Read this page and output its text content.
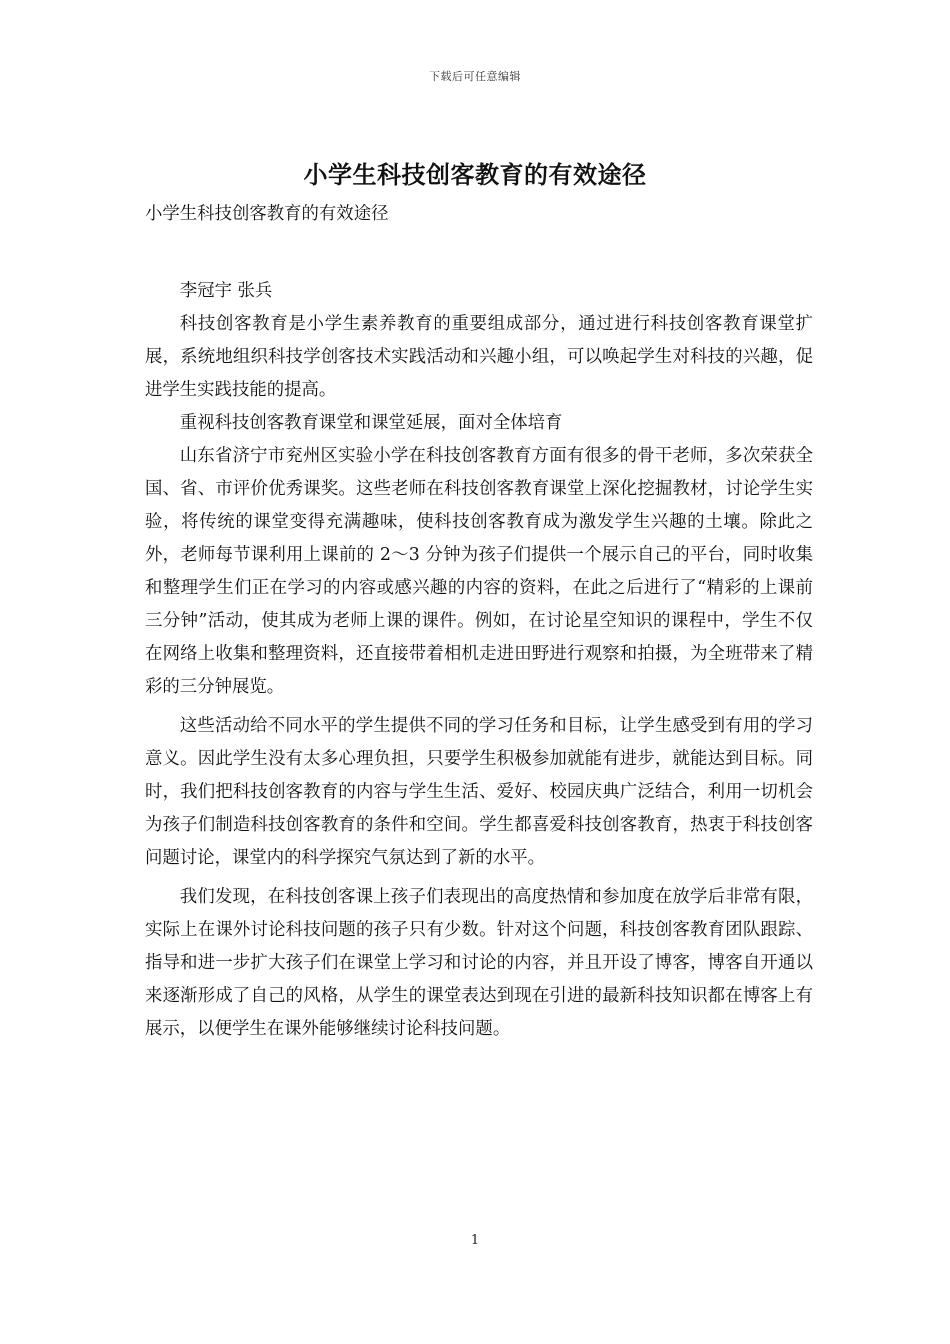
下载后可任意编辑
小学生科技创客教育的有效途径

小学生科技创客教育的有效途径

李冠宇 张兵

科技创客教育是小学生素养教育的重要组成部分，通过进行科技创客教育课堂扩展，系统地组织科技学创客技术实践活动和兴趣小组，可以唤起学生对科技的兴趣，促进学生实践技能的提高。

重视科技创客教育课堂和课堂延展，面对全体培育

山东省济宁市兖州区实验小学在科技创客教育方面有很多的骨干老师，多次荣获全国、省、市评价优秀课奖。这些老师在科技创客教育课堂上深化挖掘教材，讨论学生实验，将传统的课堂变得充满趣味，使科技创客教育成为激发学生兴趣的土壤。除此之外，老师每节课利用上课前的 2～3 分钟为孩子们提供一个展示自己的平台，同时收集和整理学生们正在学习的内容或感兴趣的内容的资料，在此之后进行了“精彩的上课前三分钟”活动，使其成为老师上课的课件。例如，在讨论星空知识的课程中，学生不仅在网络上收集和整理资料，还直接带着相机走进田野进行观察和拍摄，为全班带来了精彩的三分钟展览。

这些活动给不同水平的学生提供不同的学习任务和目标，让学生感受到有用的学习意义。因此学生没有太多心理负担，只要学生积极参加就能有进步，就能达到目标。同时，我们把科技创客教育的内容与学生生活、爱好、校园庆典广泛结合，利用一切机会为孩子们制造科技创客教育的条件和空间。学生都喜爱科技创客教育，热衷于科技创客问题讨论，课堂内的科学探究气氛达到了新的水平。

我们发现，在科技创客课上孩子们表现出的高度热情和参加度在放学后非常有限，实际上在课外讨论科技问题的孩子只有少数。针对这个问题，科技创客教育团队跟踪、指导和进一步扩大孩子们在课堂上学习和讨论的内容，并且开设了博客，博客自开通以来逐渐形成了自己的风格，从学生的课堂表达到现在引进的最新科技知识都在博客上有展示，以便学生在课外能够继续讨论科技问题。

1
